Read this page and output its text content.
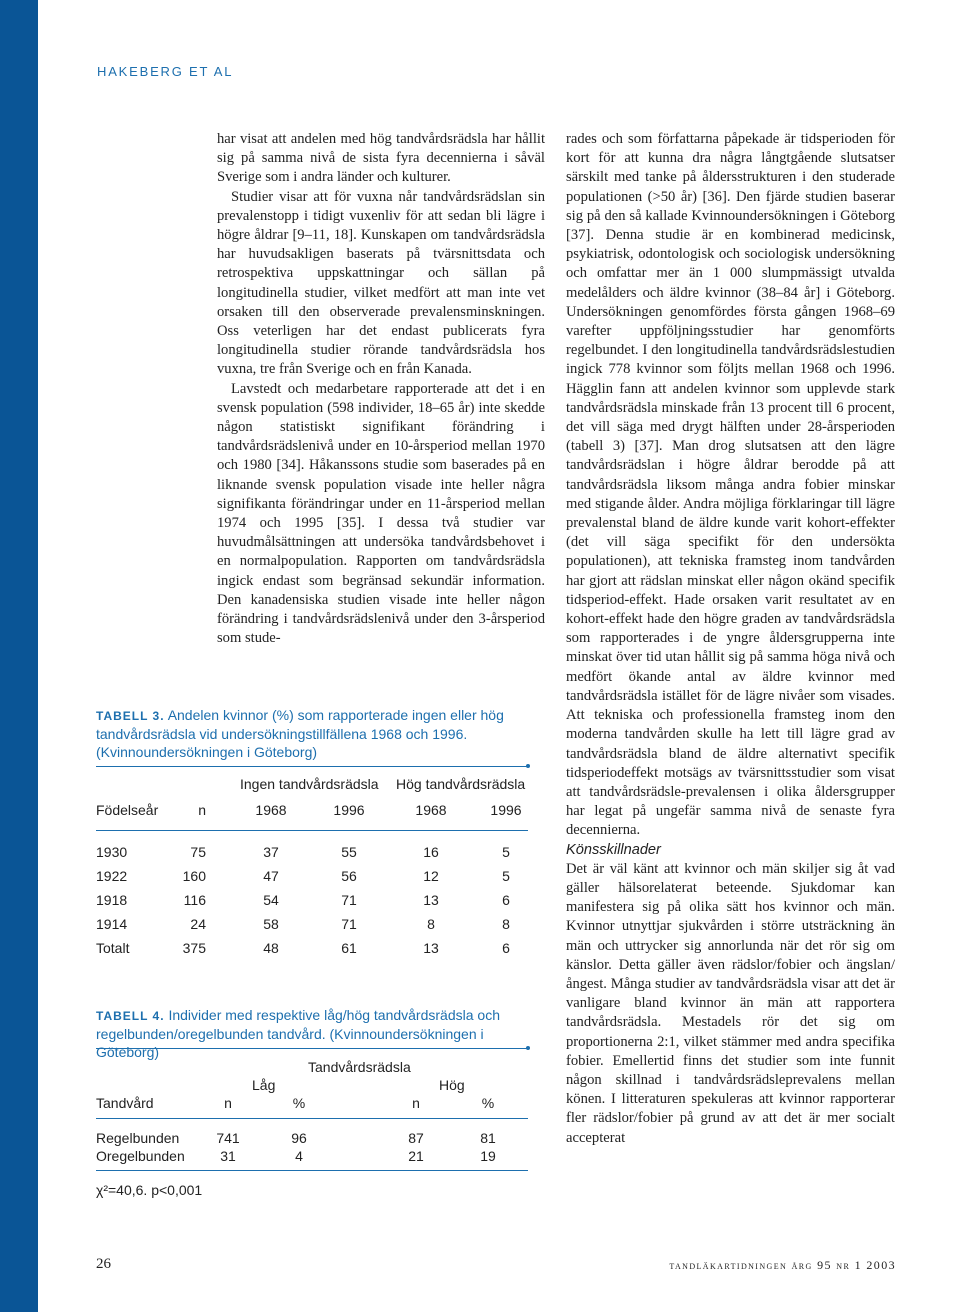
HAKEBERG ET AL

har visat att andelen med hög tandvårdsrädsla har hållit sig på samma nivå de sista fyra decennierna i såväl Sverige som i andra länder och kulturer.

Studier visar att för vuxna når tandvårdsrädslan sin prevalenstopp i tidigt vuxenliv för att sedan bli lägre i högre åldrar [9–11, 18]. Kunskapen om tandvårdsrädsla har huvudsakligen baserats på tvärsnittsdata och retrospektiva uppskattningar och sällan på longitudinella studier, vilket medfört att man inte vet orsaken till den observerade prevalensminskningen. Oss veterligen har det endast publicerats fyra longitudinella studier rörande tandvårdsrädsla hos vuxna, tre från Sverige och en från Kanada.

Lavstedt och medarbetare rapporterade att det i en svensk population (598 individer, 18–65 år) inte skedde någon statistiskt signifikant förändring i tandvårdsrädslenivå under en 10-årsperiod mellan 1970 och 1980 [34]. Håkanssons studie som baserades på en liknande svensk population visade inte heller några signifikanta förändringar under en 11-årsperiod mellan 1974 och 1995 [35]. I dessa två studier var huvudmålsättningen att undersöka tandvårdsbehovet i en normalpopulation. Rapporten om tandvårdsrädsla ingick endast som begränsad sekundär information. Den kanadensiska studien visade inte heller någon förändring i tandvårdsrädslenivå under den 3-årsperiod som stude-

rades och som författarna påpekade är tidsperioden för kort för att kunna dra några långtgående slutsatser särskilt med tanke på åldersstrukturen i den studerade populationen (>50 år) [36]. Den fjärde studien baserar sig på den så kallade Kvinnoundersökningen i Göteborg [37]. Denna studie är en kombinerad medicinsk, psykiatrisk, odontologisk och sociologisk undersökning och omfattar mer än 1 000 slumpmässigt utvalda medelålders och äldre kvinnor (38–84 år] i Göteborg. Undersökningen genomfördes första gången 1968–69 varefter uppföljningsstudier har genomförts regelbundet. I den longitudinella tandvårdsrädslestudien ingick 778 kvinnor som följts mellan 1968 och 1996. Hägglin fann att andelen kvinnor som upplevde stark tandvårdsrädsla minskade från 13 procent till 6 procent, det vill säga med drygt hälften under 28-årsperioden (tabell 3) [37]. Man drog slutsatsen att den lägre tandvårdsrädslan i högre åldrar berodde på att tandvårdsrädsla liksom många andra fobier minskar med stigande ålder. Andra möjliga förklaringar till lägre prevalenstal bland de äldre kunde varit kohort-effekter (det vill säga specifikt för den undersökta populationen), att tekniska framsteg inom tandvården har gjort att rädslan minskat eller någon okänd specifik tidsperiod-effekt. Hade orsaken varit resultatet av en kohort-effekt hade den högre graden av tandvårdsrädsla som rapporterades i de yngre åldersgrupperna inte minskat över tid utan hållit sig på samma höga nivå och medfört ökande antal av äldre kvinnor med tandvårdsrädsla istället för de lägre nivåer som visades. Att tekniska och professionella framsteg inom den moderna tandvården skulle ha lett till lägre grad av tandvårdsrädsla bland de äldre alternativt specifik tidsperiodeffekt motsägs av tvärsnittsstudier som visat att tandvårdsrädsle-prevalensen i olika åldersgrupper har legat på ungefär samma nivå de senaste fyra decennierna.

Könsskillnader

Det är väl känt att kvinnor och män skiljer sig åt vad gäller hälsorelaterat beteende. Sjukdomar kan manifestera sig på olika sätt hos kvinnor och män. Kvinnor utnyttjar sjukvården i större utsträckning än män och uttrycker sig annorlunda när det rör sig om känslor. Detta gäller även rädslor/fobier och ängslan/ångest. Många studier av tandvårdsrädsla visar att det är vanligare bland kvinnor än män att rapportera tandvårdsrädsla. Mestadels rör det sig om proportionerna 2:1, vilket stämmer med andra specifika fobier. Emellertid finns det studier som inte funnit någon skillnad i tandvårdsrädsleprevalens mellan könen. I litteraturen spekuleras att kvinnor rapporterar fler rädslor/fobier på grund av att det är mer socialt accepterat

TABELL 3. Andelen kvinnor (%) som rapporterade ingen eller hög tandvårdsrädsla vid undersökningstillfällena 1968 och 1996. (Kvinnoundersökningen i Göteborg)
Ingen tandvårdsrädsla Hög tandvårdsrädsla
Födelseår	n	1968	1996	1968	1996
1930	75	37	55	16	5
1922	160	47	56	12	5
1918	116	54	71	13	6
1914	24	58	71	8	8
Totalt	375	48	61	13	6
TABELL 4. Individer med respektive låg/hög tandvårdsrädsla och regelbunden/oregelbunden tandvård. (Kvinnoundersökningen i Göteborg)
Tandvårdsrädsla
Låg	Hög
Tandvård	n	%	n	%
Regelbunden	741	96	87	81
Oregelbunden	31	4	21	19
χ²=40,6. p<0,001
26	tandläkartidningen årg 95 nr 1 2003
